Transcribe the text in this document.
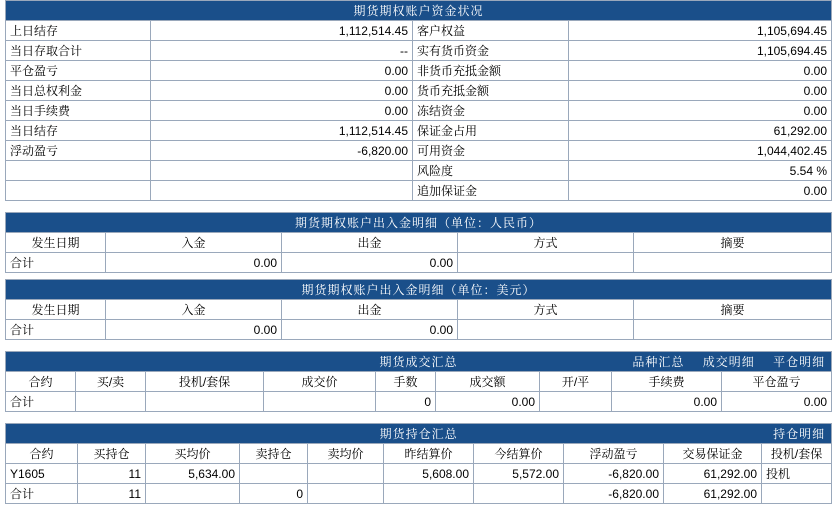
期货期权账户资金状况			
上日结存	1,112,514.45	客户权益	1,105,694.45
当日存取合计	--	实有货币资金	1,105,694.45
平仓盈亏	0.00	非货币充抵金额	0.00
当日总权利金	0.00	货币充抵金额	0.00
当日手续费	0.00	冻结资金	0.00
当日结存	1,112,514.45	保证金占用	61,292.00
浮动盈亏	-6,820.00	可用资金	1,044,402.45
		风险度	5.54 %
		追加保证金	0.00
期货期权账户出入金明细（单位：人民币）				
发生日期	入金	出金	方式	摘要
合计	0.00	0.00		
期货期权账户出入金明细（单位：美元）				
发生日期	入金	出金	方式	摘要
合计	0.00	0.00		
期货成交汇总 品种汇总 成交明细 平仓明细								

合约	买/卖	投机/套保	成交价	手数	成交额	开/平	手续费	平仓盈亏
合计				0	0.00		0.00	0.00
期货持仓汇总 持仓明细									

合约	买持仓	买均价	卖持仓	卖均价	昨结算价	今结算价	浮动盈亏	交易保证金	投机/套保
Y1605	11	5,634.00			5,608.00	5,572.00	-6,820.00	61,292.00	投机
合计	11		0				-6,820.00	61,292.00	
